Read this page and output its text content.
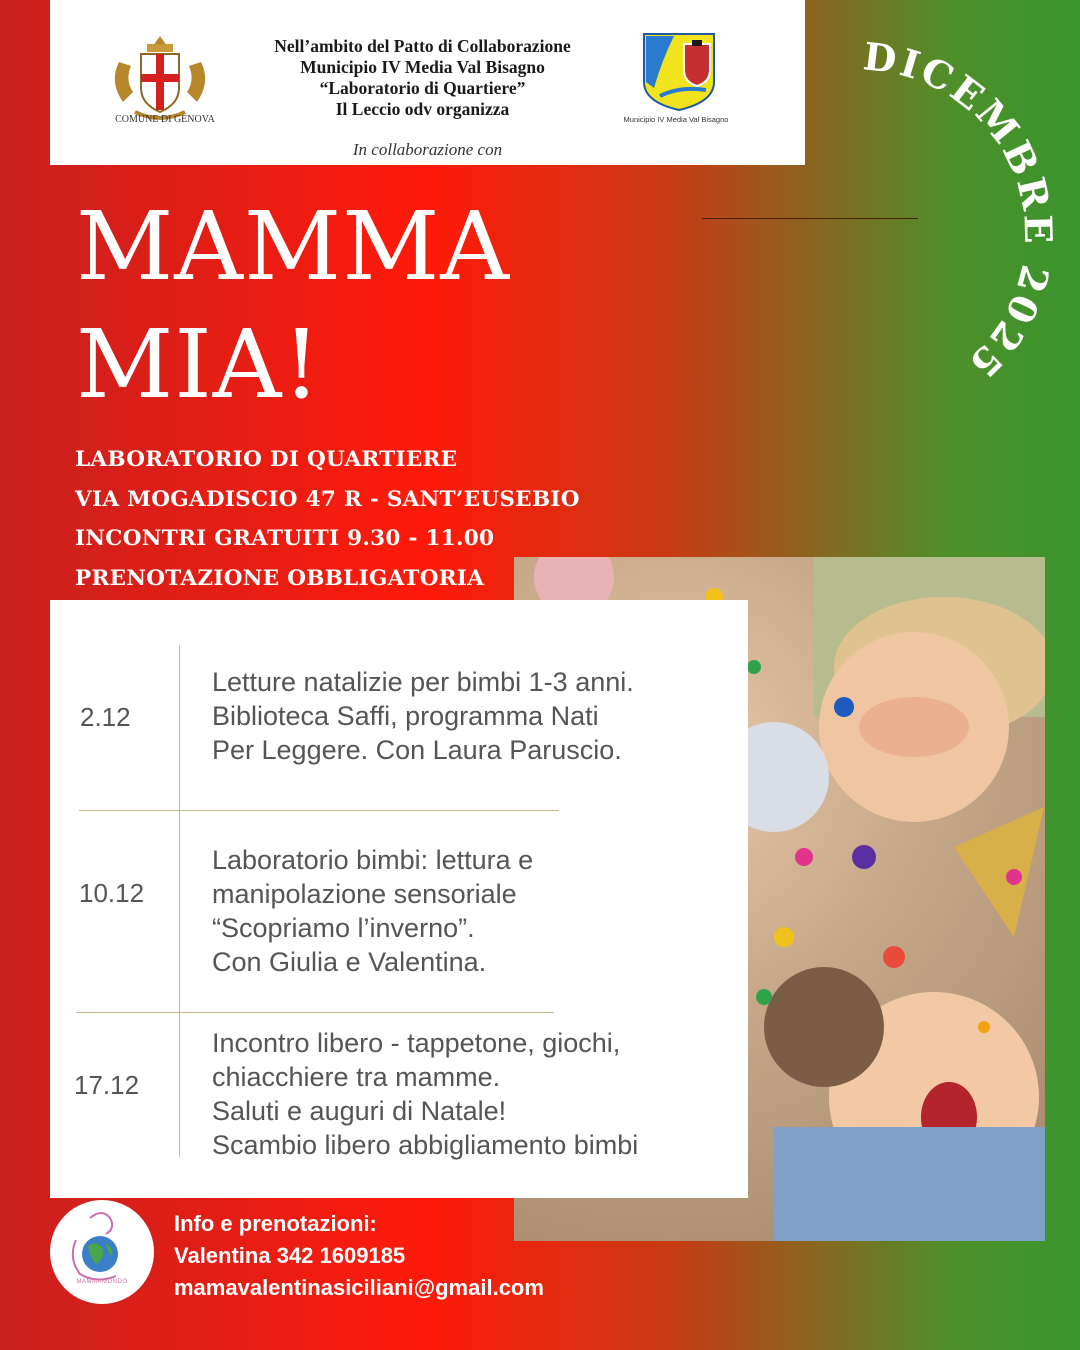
COMUNE DI GENOVA
Nell’ambito del Patto di Collaborazione
Municipio IV Media Val Bisagno
“Laboratorio di Quartiere”
Il Leccio odv organizza
Municipio IV Media Val Bisagno
In collaborazione con
MAMMA
MIA!
DICEMBRE 2025
LABORATORIO DI QUARTIERE
VIA MOGADISCIO 47 R - SANT’EUSEBIO
INCONTRI GRATUITI 9.30 - 11.00
PRENOTAZIONE OBBLIGATORIA
2.12
Letture natalizie per bimbi 1-3 anni.
Biblioteca Saffi, programma Nati
Per Leggere. Con Laura Paruscio.
10.12
Laboratorio bimbi: lettura e
manipolazione sensoriale
“Scopriamo l’inverno”.
Con Giulia e Valentina.
17.12
Incontro libero - tappetone, giochi,
chiacchiere tra mamme.
Saluti e auguri di Natale!
Scambio libero abbigliamento bimbi
MAMMAMONDO
Info e prenotazioni:
Valentina 342 1609185
mamavalentinasiciliani@gmail.com
